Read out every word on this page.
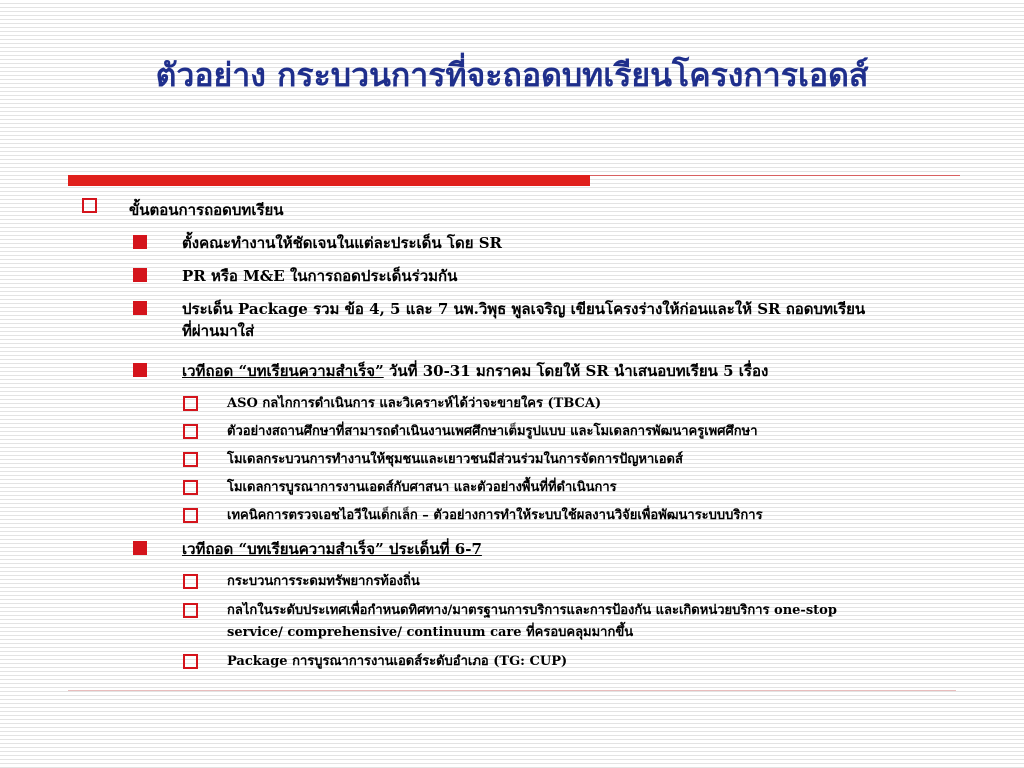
ตัวอย่าง กระบวนการที่จะถอดบทเรียนโครงการเอดส์
ขั้นตอนการถอดบทเรียน
ตั้งคณะทำงานให้ชัดเจนในแต่ละประเด็น โดย SR
PR หรือ M&E ในการถอดประเด็นร่วมกัน
ประเด็น Package รวม ข้อ 4, 5 และ 7 นพ.วิพุธ พูลเจริญ เขียนโครงร่างให้ก่อนและให้ SR ถอดบทเรียน
ที่ผ่านมาใส่
เวทีถอด “บทเรียนความสำเร็จ” วันที่ 30-31 มกราคม โดยให้ SR นำเสนอบทเรียน 5 เรื่อง
ASO กลไกการดำเนินการ และวิเคราะห์ได้ว่าจะขายใคร (TBCA)
ตัวอย่างสถานศึกษาที่สามารถดำเนินงานเพศศึกษาเต็มรูปแบบ และโมเดลการพัฒนาครูเพศศึกษา
โมเดลกระบวนการทำงานให้ชุมชนและเยาวชนมีส่วนร่วมในการจัดการปัญหาเอดส์
โมเดลการบูรณาการงานเอดส์กับศาสนา และตัวอย่างพื้นที่ที่ดำเนินการ
เทคนิคการตรวจเอชไอวีในเด็กเล็ก – ตัวอย่างการทำให้ระบบใช้ผลงานวิจัยเพื่อพัฒนาระบบบริการ
เวทีถอด “บทเรียนความสำเร็จ” ประเด็นที่ 6-7
กระบวนการระดมทรัพยากรท้องถิ่น
กลไกในระดับประเทศเพื่อกำหนดทิศทาง/มาตรฐานการบริการและการป้องกัน และเกิดหน่วยบริการ one-stop
service/ comprehensive/ continuum care ที่ครอบคลุมมากขึ้น
Package การบูรณาการงานเอดส์ระดับอำเภอ (TG: CUP)
